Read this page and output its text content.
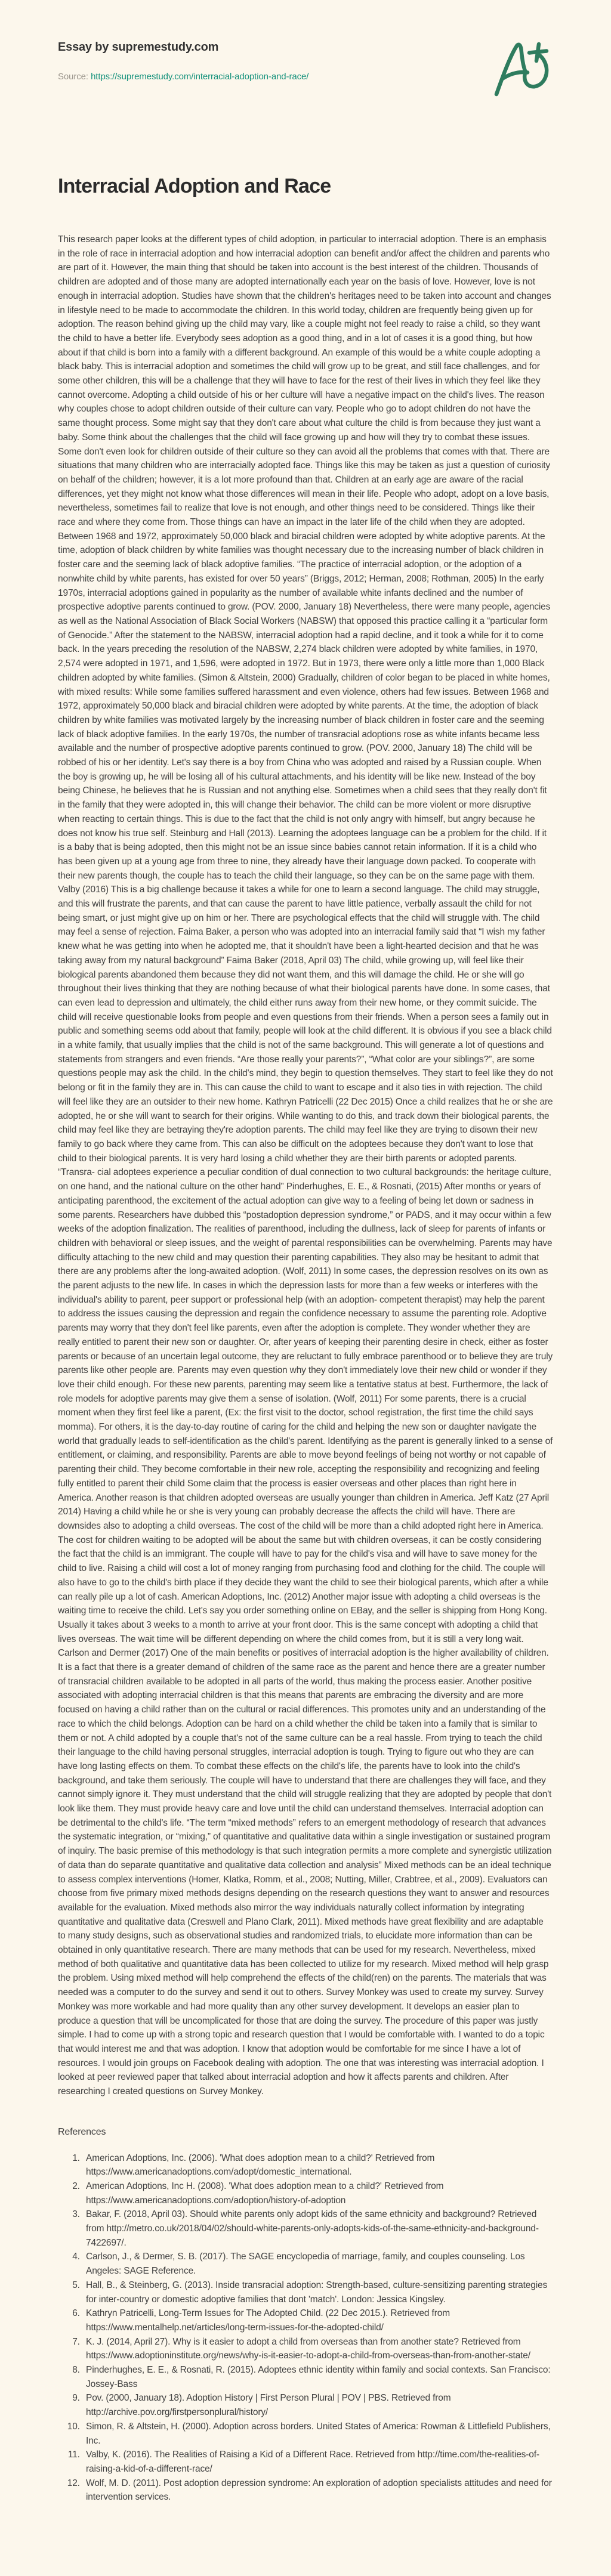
Essay by supremestudy.com
Source: https://supremestudy.com/interracial-adoption-and-race/
Interracial Adoption and Race

This research paper looks at the different types of child adoption, in particular to interracial adoption. There is an emphasis in the role of race in interracial adoption and how interracial adoption can benefit and/or affect the children and parents who are part of it. However, the main thing that should be taken into account is the best interest of the children. Thousands of children are adopted and of those many are adopted internationally each year on the basis of love. However, love is not enough in interracial adoption. Studies have shown that the children's heritages need to be taken into account and changes in lifestyle need to be made to accommodate the children. In this world today, children are frequently being given up for adoption. The reason behind giving up the child may vary, like a couple might not feel ready to raise a child, so they want the child to have a better life. Everybody sees adoption as a good thing, and in a lot of cases it is a good thing, but how about if that child is born into a family with a different background. An example of this would be a white couple adopting a black baby. This is interracial adoption and sometimes the child will grow up to be great, and still face challenges, and for some other children, this will be a challenge that they will have to face for the rest of their lives in which they feel like they cannot overcome. Adopting a child outside of his or her culture will have a negative impact on the child's lives. The reason why couples chose to adopt children outside of their culture can vary. People who go to adopt children do not have the same thought process. Some might say that they don't care about what culture the child is from because they just want a baby. Some think about the challenges that the child will face growing up and how will they try to combat these issues. Some don't even look for children outside of their culture so they can avoid all the problems that comes with that. There are situations that many children who are interracially adopted face. Things like this may be taken as just a question of curiosity on behalf of the children; however, it is a lot more profound than that. Children at an early age are aware of the racial differences, yet they might not know what those differences will mean in their life. People who adopt, adopt on a love basis, nevertheless, sometimes fail to realize that love is not enough, and other things need to be considered. Things like their race and where they come from. Those things can have an impact in the later life of the child when they are adopted. Between 1968 and 1972, approximately 50,000 black and biracial children were adopted by white adoptive parents. At the time, adoption of black children by white families was thought necessary due to the increasing number of black children in foster care and the seeming lack of black adoptive families. “The practice of interracial adoption, or the adoption of a nonwhite child by white parents, has existed for over 50 years” (Briggs, 2012; Herman, 2008; Rothman, 2005) In the early 1970s, interracial adoptions gained in popularity as the number of available white infants declined and the number of prospective adoptive parents continued to grow. (POV. 2000, January 18) Nevertheless, there were many people, agencies as well as the National Association of Black Social Workers (NABSW) that opposed this practice calling it a “particular form of Genocide.” After the statement to the NABSW, interracial adoption had a rapid decline, and it took a while for it to come back. In the years preceding the resolution of the NABSW, 2,274 black children were adopted by white families, in 1970, 2,574 were adopted in 1971, and 1,596, were adopted in 1972. But in 1973, there were only a little more than 1,000 Black children adopted by white families. (Simon & Altstein, 2000) Gradually, children of color began to be placed in white homes, with mixed results: While some families suffered harassment and even violence, others had few issues. Between 1968 and 1972, approximately 50,000 black and biracial children were adopted by white parents. At the time, the adoption of black children by white families was motivated largely by the increasing number of black children in foster care and the seeming lack of black adoptive families. In the early 1970s, the number of transracial adoptions rose as white infants became less available and the number of prospective adoptive parents continued to grow. (POV. 2000, January 18) The child will be robbed of his or her identity. Let's say there is a boy from China who was adopted and raised by a Russian couple. When the boy is growing up, he will be losing all of his cultural attachments, and his identity will be like new. Instead of the boy being Chinese, he believes that he is Russian and not anything else. Sometimes when a child sees that they really don't fit in the family that they were adopted in, this will change their behavior. The child can be more violent or more disruptive when reacting to certain things. This is due to the fact that the child is not only angry with himself, but angry because he does not know his true self. Steinburg and Hall (2013). Learning the adoptees language can be a problem for the child. If it is a baby that is being adopted, then this might not be an issue since babies cannot retain information. If it is a child who has been given up at a young age from three to nine, they already have their language down packed. To cooperate with their new parents though, the couple has to teach the child their language, so they can be on the same page with them. Valby (2016) This is a big challenge because it takes a while for one to learn a second language. The child may struggle, and this will frustrate the parents, and that can cause the parent to have little patience, verbally assault the child for not being smart, or just might give up on him or her. There are psychological effects that the child will struggle with. The child may feel a sense of rejection. Faima Baker, a person who was adopted into an interracial family said that “I wish my father knew what he was getting into when he adopted me, that it shouldn't have been a light-hearted decision and that he was taking away from my natural background” Faima Baker (2018, April 03) The child, while growing up, will feel like their biological parents abandoned them because they did not want them, and this will damage the child. He or she will go throughout their lives thinking that they are nothing because of what their biological parents have done. In some cases, that can even lead to depression and ultimately, the child either runs away from their new home, or they commit suicide. The child will receive questionable looks from people and even questions from their friends. When a person sees a family out in public and something seems odd about that family, people will look at the child different. It is obvious if you see a black child in a white family, that usually implies that the child is not of the same background. This will generate a lot of questions and statements from strangers and even friends. “Are those really your parents?”, “What color are your siblings?”, are some questions people may ask the child. In the child's mind, they begin to question themselves. They start to feel like they do not belong or fit in the family they are in. This can cause the child to want to escape and it also ties in with rejection. The child will feel like they are an outsider to their new home. Kathryn Patricelli (22 Dec 2015) Once a child realizes that he or she are adopted, he or she will want to search for their origins. While wanting to do this, and track down their biological parents, the child may feel like they are betraying they're adoption parents. The child may feel like they are trying to disown their new family to go back where they came from. This can also be difficult on the adoptees because they don't want to lose that child to their biological parents. It is very hard losing a child whether they are their birth parents or adopted parents. “Transra- cial adoptees experience a peculiar condition of dual connection to two cultural backgrounds: the heritage culture, on one hand, and the national culture on the other hand” Pinderhughes, E. E., & Rosnati, (2015) After months or years of anticipating parenthood, the excitement of the actual adoption can give way to a feeling of being let down or sadness in some parents. Researchers have dubbed this “postadoption depression syndrome,” or PADS, and it may occur within a few weeks of the adoption finalization. The realities of parenthood, including the dullness, lack of sleep for parents of infants or children with behavioral or sleep issues, and the weight of parental responsibilities can be overwhelming. Parents may have difficulty attaching to the new child and may question their parenting capabilities. They also may be hesitant to admit that there are any problems after the long-awaited adoption. (Wolf, 2011) In some cases, the depression resolves on its own as the parent adjusts to the new life. In cases in which the depression lasts for more than a few weeks or interferes with the individual's ability to parent, peer support or professional help (with an adoption- competent therapist) may help the parent to address the issues causing the depression and regain the confidence necessary to assume the parenting role. Adoptive parents may worry that they don't feel like parents, even after the adoption is complete. They wonder whether they are really entitled to parent their new son or daughter. Or, after years of keeping their parenting desire in check, either as foster parents or because of an uncertain legal outcome, they are reluctant to fully embrace parenthood or to believe they are truly parents like other people are. Parents may even question why they don't immediately love their new child or wonder if they love their child enough. For these new parents, parenting may seem like a tentative status at best. Furthermore, the lack of role models for adoptive parents may give them a sense of isolation. (Wolf, 2011) For some parents, there is a crucial moment when they first feel like a parent, (Ex: the first visit to the doctor, school registration, the first time the child says momma). For others, it is the day-to-day routine of caring for the child and helping the new son or daughter navigate the world that gradually leads to self-identification as the child's parent. Identifying as the parent is generally linked to a sense of entitlement, or claiming, and responsibility. Parents are able to move beyond feelings of being not worthy or not capable of parenting their child. They become comfortable in their new role, accepting the responsibility and recognizing and feeling fully entitled to parent their child Some claim that the process is easier overseas and other places than right here in America. Another reason is that children adopted overseas are usually younger than children in America. Jeff Katz (27 April 2014) Having a child while he or she is very young can probably decrease the affects the child will have. There are downsides also to adopting a child overseas. The cost of the child will be more than a child adopted right here in America. The cost for children waiting to be adopted will be about the same but with children overseas, it can be costly considering the fact that the child is an immigrant. The couple will have to pay for the child's visa and will have to save money for the child to live. Raising a child will cost a lot of money ranging from purchasing food and clothing for the child. The couple will also have to go to the child's birth place if they decide they want the child to see their biological parents, which after a while can really pile up a lot of cash. American Adoptions, Inc. (2012) Another major issue with adopting a child overseas is the waiting time to receive the child. Let's say you order something online on EBay, and the seller is shipping from Hong Kong. Usually it takes about 3 weeks to a month to arrive at your front door. This is the same concept with adopting a child that lives overseas. The wait time will be different depending on where the child comes from, but it is still a very long wait. Carlson and Dermer (2017) One of the main benefits or positives of interracial adoption is the higher availability of children. It is a fact that there is a greater demand of children of the same race as the parent and hence there are a greater number of transracial children available to be adopted in all parts of the world, thus making the process easier. Another positive associated with adopting interracial children is that this means that parents are embracing the diversity and are more focused on having a child rather than on the cultural or racial differences. This promotes unity and an understanding of the race to which the child belongs. Adoption can be hard on a child whether the child be taken into a family that is similar to them or not. A child adopted by a couple that's not of the same culture can be a real hassle. From trying to teach the child their language to the child having personal struggles, interracial adoption is tough. Trying to figure out who they are can have long lasting effects on them. To combat these effects on the child's life, the parents have to look into the child's background, and take them seriously. The couple will have to understand that there are challenges they will face, and they cannot simply ignore it. They must understand that the child will struggle realizing that they are adopted by people that don't look like them. They must provide heavy care and love until the child can understand themselves. Interracial adoption can be detrimental to the child's life. “The term “mixed methods” refers to an emergent methodology of research that advances the systematic integration, or “mixing,” of quantitative and qualitative data within a single investigation or sustained program of inquiry. The basic premise of this methodology is that such integration permits a more complete and synergistic utilization of data than do separate quantitative and qualitative data collection and analysis” Mixed methods can be an ideal technique to assess complex interventions (Homer, Klatka, Romm, et al., 2008; Nutting, Miller, Crabtree, et al., 2009). Evaluators can choose from five primary mixed methods designs depending on the research questions they want to answer and resources available for the evaluation. Mixed methods also mirror the way individuals naturally collect information by integrating quantitative and qualitative data (Creswell and Plano Clark, 2011). Mixed methods have great flexibility and are adaptable to many study designs, such as observational studies and randomized trials, to elucidate more information than can be obtained in only quantitative research. There are many methods that can be used for my research. Nevertheless, mixed method of both qualitative and quantitative data has been collected to utilize for my research. Mixed method will help grasp the problem. Using mixed method will help comprehend the effects of the child(ren) on the parents. The materials that was needed was a computer to do the survey and send it out to others. Survey Monkey was used to create my survey. Survey Monkey was more workable and had more quality than any other survey development. It develops an easier plan to produce a question that will be uncomplicated for those that are doing the survey. The procedure of this paper was justly simple. I had to come up with a strong topic and research question that I would be comfortable with. I wanted to do a topic that would interest me and that was adoption. I know that adoption would be comfortable for me since I have a lot of resources. I would join groups on Facebook dealing with adoption. The one that was interesting was interracial adoption. I looked at peer reviewed paper that talked about interracial adoption and how it affects parents and children. After researching I created questions on Survey Monkey.

References

1. American Adoptions, Inc. (2006). 'What does adoption mean to a child?' Retrieved from https://www.americanadoptions.com/adopt/domestic_international.
2. American Adoptions, Inc H. (2008). 'What does adoption mean to a child?' Retrieved from https://www.americanadoptions.com/adoption/history-of-adoption
3. Bakar, F. (2018, April 03). Should white parents only adopt kids of the same ethnicity and background? Retrieved from http://metro.co.uk/2018/04/02/should-white-parents-only-adopts-kids-of-the-same-ethnicity-and-background-7422697/.
4. Carlson, J., & Dermer, S. B. (2017). The SAGE encyclopedia of marriage, family, and couples counseling. Los Angeles: SAGE Reference.
5. Hall, B., & Steinberg, G. (2013). Inside transracial adoption: Strength-based, culture-sensitizing parenting strategies for inter-country or domestic adoptive families that dont 'match'. London: Jessica Kingsley.
6. Kathryn Patricelli, Long-Term Issues for The Adopted Child. (22 Dec 2015.). Retrieved from https://www.mentalhelp.net/articles/long-term-issues-for-the-adopted-child/
7. K. J. (2014, April 27). Why is it easier to adopt a child from overseas than from another state? Retrieved from https://www.adoptioninstitute.org/news/why-is-it-easier-to-adopt-a-child-from-overseas-than-from-another-state/
8. Pinderhughes, E. E., & Rosnati, R. (2015). Adoptees ethnic identity within family and social contexts. San Francisco: Jossey-Bass
9. Pov. (2000, January 18). Adoption History | First Person Plural | POV | PBS. Retrieved from http://archive.pov.org/firstpersonplural/history/
10. Simon, R. & Altstein, H. (2000). Adoption across borders. United States of America: Rowman & Littlefield Publishers, Inc.
11. Valby, K. (2016). The Realities of Raising a Kid of a Different Race. Retrieved from http://time.com/the-realities-of-raising-a-kid-of-a-different-race/
12. Wolf, M. D. (2011). Post adoption depression syndrome: An exploration of adoption specialists attitudes and need for intervention services.
